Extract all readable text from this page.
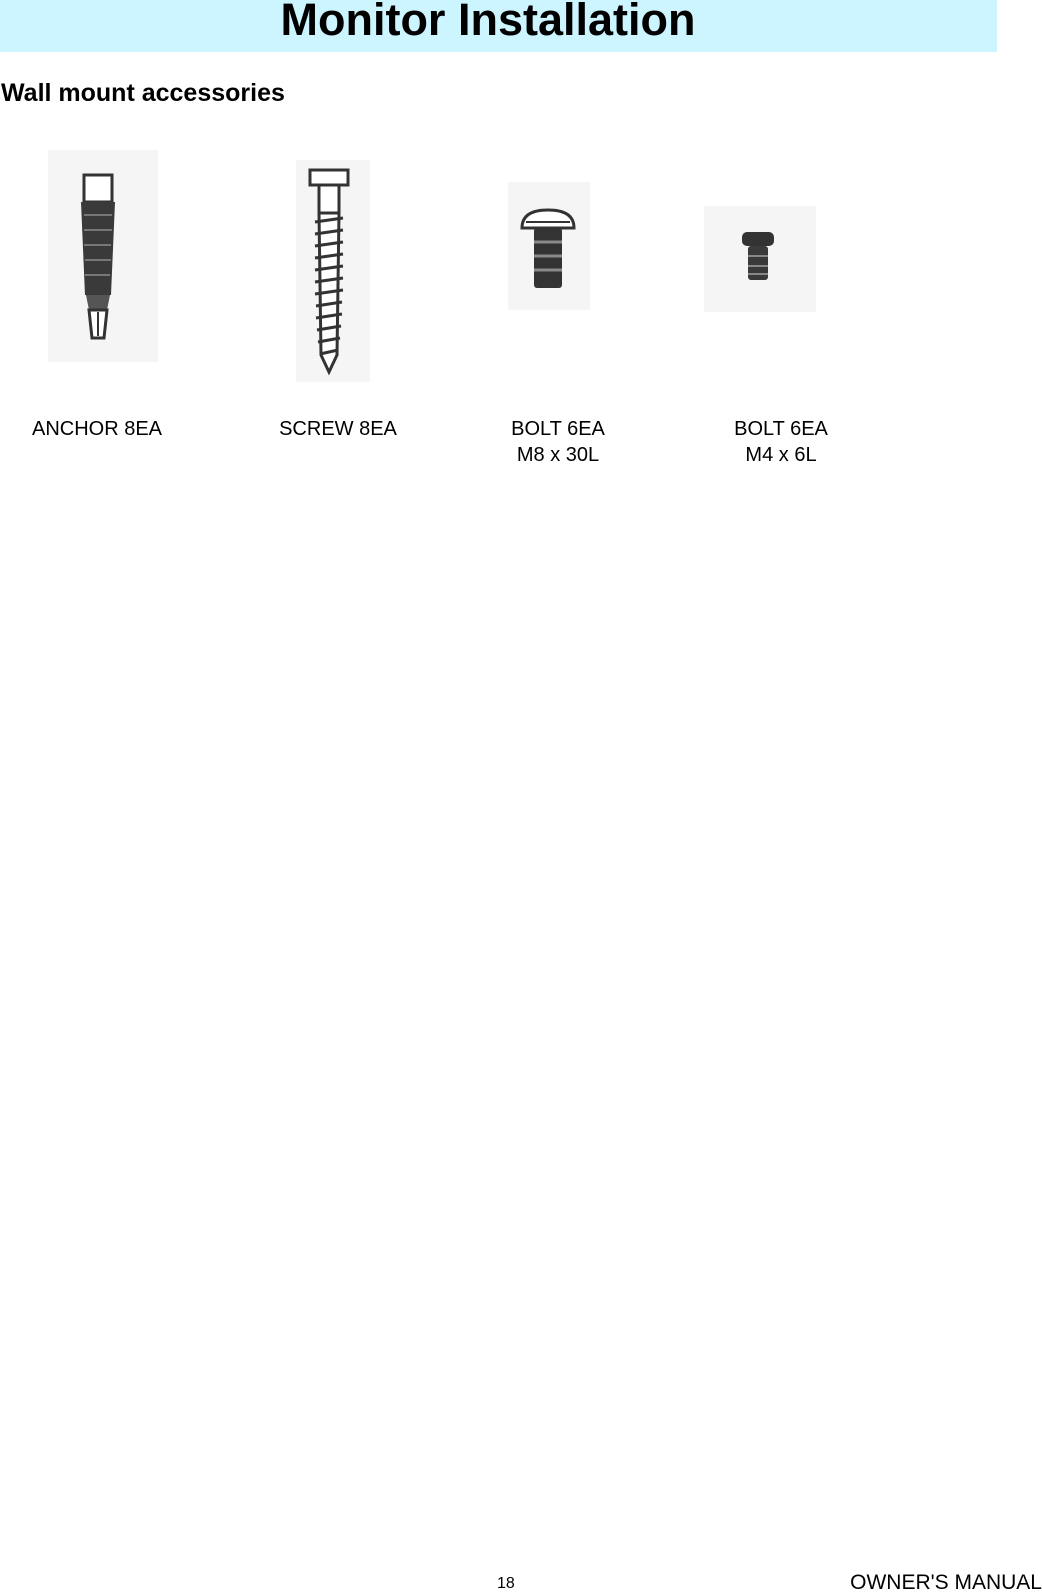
Monitor Installation
Wall mount accessories
ANCHOR 8EA	SCREW 8EA	BOLT 6EA
M8 x 30L
BOLT 6EA
M4 x 6L
18	OWNER'S MANUAL
